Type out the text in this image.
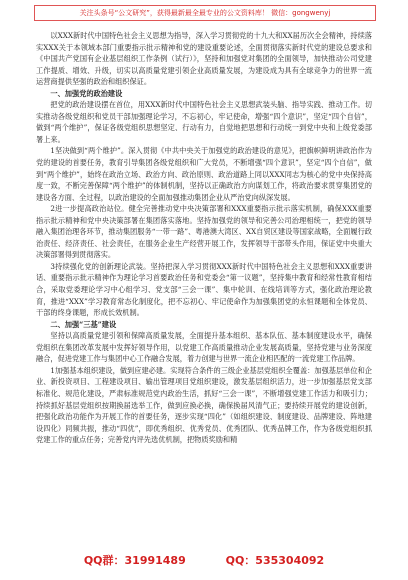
关注头条号“公文研究”，获得最新最全最专业的公文资料库！ 微信：gongwenyj

以XXX新时代中国特色社会主义思想为指导，深入学习贯彻党的十九大和XX届历次全会精神，持续落实XXX关于本领域本部门重要指示批示精神和党的建设重要论述，全面贯彻落实新时代党的建设总要求和《中国共产党国有企业基层组织工作条例（试行）》，坚持和加强党对集团的全面领导，加快推动公司党建工作提质、增效、升级，切实以高质量党建引领企业高质量发展，为建设成为具有全球竞争力的世界一流运营商提供坚强的政治和组织保证。

一、加强党的政治建设

把党的政治建设摆在首位，用XXX新时代中国特色社会主义思想武装头脑、指导实践、推动工作。切实推动各级党组织和党员干部加强理论学习，不忘初心，牢记使命，增强“四个意识”，坚定“四个自信”，做到“两个维护”，保证各级党组织思想坚定、行动有力，自觉地把思想和行动统一到党中央和上级党委部署上来。

1坚决做到“两个维护”。深入贯彻《中共中央关于加强党的政治建设的意见》，把旗帜鲜明讲政治作为党的建设的首要任务，教育引导集团各级党组织和广大党员，不断增强“四个意识”，坚定“四个自信”，做到“两个维护”，始终在政治立场、政治方向、政治原则、政治道路上同以XXX同志为核心的党中央保持高度一致，不断完善保障“两个维护”的体制机制，坚持以正确政治方向谋划工作，将政治要求贯穿集团党的建设各方面、全过程，以政治建设的全面加强推动集团企业从严治党向纵深发展。

2进一步提高政治站位。健全完善推动党中央决策部署和XXX重要指示批示落实机制，确保XXX重要指示批示精神和党中央决策部署在集团落实落地。坚持加强党的领导和完善公司治理相统一，把党的领导融入集团治理各环节，推动集团服务“一带一路”、粤港澳大湾区、XX自贸区建设等国家战略，全面履行政治责任、经济责任、社会责任，在服务企业生产经营开展工作，发挥领导干部带头作用，保证党中央重大决策部署得到贯彻落实。

3持续强化党的创新理论武装。坚持把深入学习贯彻XXX新时代中国特色社会主义思想和XXX重要讲话、重要指示批示精神作为理论学习首要政治任务和党委会“第一议题”，坚持集中教育和经常性教育相结合，采取党委理论学习中心组学习、党支部“三会一课”、集中轮训、在线培训等方式，强化政治理论教育，推进“XXX”学习教育常态化制度化，把不忘初心、牢记使命作为加强集团党的永恒课题和全体党员、干部的终身课题，形成长效机制。

二、加强“三基”建设

坚持以高质量党建引领和保障高质量发展，全面提升基本组织、基本队伍、基本制度建设水平，确保党组织在集团改革发展中发挥好领导作用，以党建工作高质量推动企业发展高质量，坚持党建与业务深度融合，促进党建工作与集团中心工作融合发展，着力创建与世界一流企业相匹配的一流党建工作品牌。

1加强基本组织建设，做到应建必建。实现符合条件的三级企业基层党组织全覆盖：加强基层单位和企业、新投资项目、工程建设项目、输出管理项目党组织建设，激发基层组织活力，进一步加强基层党支部标准化、规范化建设，严肃标准规范党内政治生活，抓好“三会一课”，不断增强党建工作活力和吸引力；持续抓好基层党组织按期换届选举工作，做到应换必换，确保换届风清气正；要持续开展党的建设创新，把强化政治功能作为开展工作的首要任务，逐步实现“四化”（如组织建设、制度建设、品牌建设、阵地建设四化）同频共振，推动“四优”，即优秀组织、优秀党员、优秀团队、优秀品牌工作，作为各级党组织抓党建工作的重点任务；完善党内评先选优机制，把物质奖励和精

QQ群：31991489	QQ：535304092
